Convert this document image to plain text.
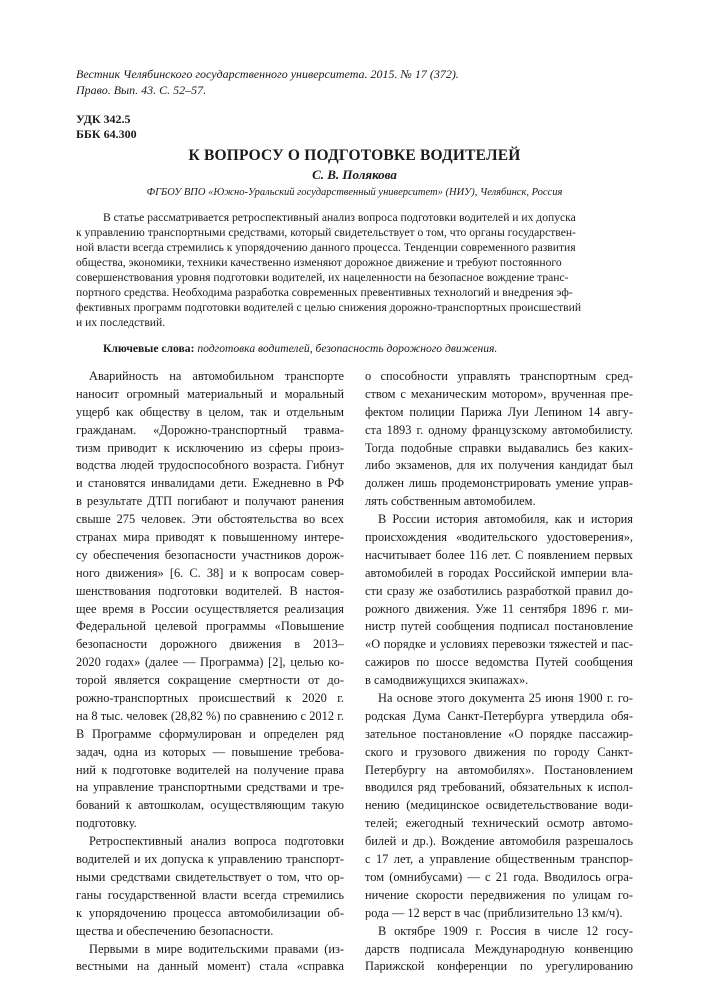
Вестник Челябинского государственного университета. 2015. № 17 (372).
Право. Вып. 43. С. 52–57.
УДК 342.5
ББК 64.300
К ВОПРОСУ О ПОДГОТОВКЕ ВОДИТЕЛЕЙ
С. В. Полякова
ФГБОУ ВПО «Южно-Уральский государственный университет» (НИУ), Челябинск, Россия
В статье рассматривается ретроспективный анализ вопроса подготовки водителей и их допуска
к управлению транспортными средствами, который свидетельствует о том, что органы государствен-
ной власти всегда стремились к упорядочению данного процесса. Тенденции современного развития
общества, экономики, техники качественно изменяют дорожное движение и требуют постоянного
совершенствования уровня подготовки водителей, их нацеленности на безопасное вождение транс-
портного средства. Необходима разработка современных превентивных технологий и внедрения эф-
фективных программ подготовки водителей с целью снижения дорожно-транспортных происшествий
и их последствий.
Ключевые слова: подготовка водителей, безопасность дорожного движения.
Аварийность на автомобильном транспорте
наносит огромный материальный и моральный
ущерб как обществу в целом, так и отдельным
гражданам. «Дорожно-транспортный травма-
тизм приводит к исключению из сферы произ-
водства людей трудоспособного возраста. Гибнут
и становятся инвалидами дети. Ежедневно в РФ
в результате ДТП погибают и получают ранения
свыше 275 человек. Эти обстоятельства во всех
странах мира приводят к повышенному интере-
су обеспечения безопасности участников дорож-
ного движения» [6. С. 38] и к вопросам совер-
шенствования подготовки водителей. В настоя-
щее время в России осуществляется реализация
Федеральной целевой программы «Повышение
безопасности дорожного движения в 2013–
2020 годах» (далее — Программа) [2], целью ко-
торой является сокращение смертности от до-
рожно-транспортных происшествий к 2020 г.
на 8 тыс. человек (28,82 %) по сравнению с 2012 г.
В Программе сформулирован и определен ряд
задач, одна из которых — повышение требова-
ний к подготовке водителей на получение права
на управление транспортными средствами и тре-
бований к автошколам, осуществляющим такую
подготовку.
Ретроспективный анализ вопроса подготовки
водителей и их допуска к управлению транспорт-
ными средствами свидетельствует о том, что ор-
ганы государственной власти всегда стремились
к упорядочению процесса автомобилизации об-
щества и обеспечению безопасности.
Первыми в мире водительскими правами (из-
вестными на данный момент) стала «справка
о способности управлять транспортным сред-
ством с механическим мотором», врученная пре-
фектом полиции Парижа Луи Лепином 14 авгу-
ста 1893 г. одному французскому автомобилисту.
Тогда подобные справки выдавались без каких-
либо экзаменов, для их получения кандидат был
должен лишь продемонстрировать умение управ-
лять собственным автомобилем.
В России история автомобиля, как и история
происхождения «водительского удостоверения»,
насчитывает более 116 лет. С появлением первых
автомобилей в городах Российской империи вла-
сти сразу же озаботились разработкой правил до-
рожного движения. Уже 11 сентября 1896 г. ми-
нистр путей сообщения подписал постановление
«О порядке и условиях перевозки тяжестей и пас-
сажиров по шоссе ведомства Путей сообщения
в самодвижущихся экипажах».
На основе этого документа 25 июня 1900 г. го-
родская Дума Санкт-Петербурга утвердила обя-
зательное постановление «О порядке пассажир-
ского и грузового движения по городу Санкт-
Петербургу на автомобилях». Постановлением
вводился ряд требований, обязательных к испол-
нению (медицинское освидетельствование води-
телей; ежегодный технический осмотр автомо-
билей и др.). Вождение автомобиля разрешалось
с 17 лет, а управление общественным транспор-
том (омнибусами) — с 21 года. Вводилось огра-
ничение скорости передвижения по улицам го-
рода — 12 верст в час (приблизительно 13 км/ч).
В октябре 1909 г. Россия в числе 12 госу-
дарств подписала Международную конвенцию
Парижской конференции по урегулированию
